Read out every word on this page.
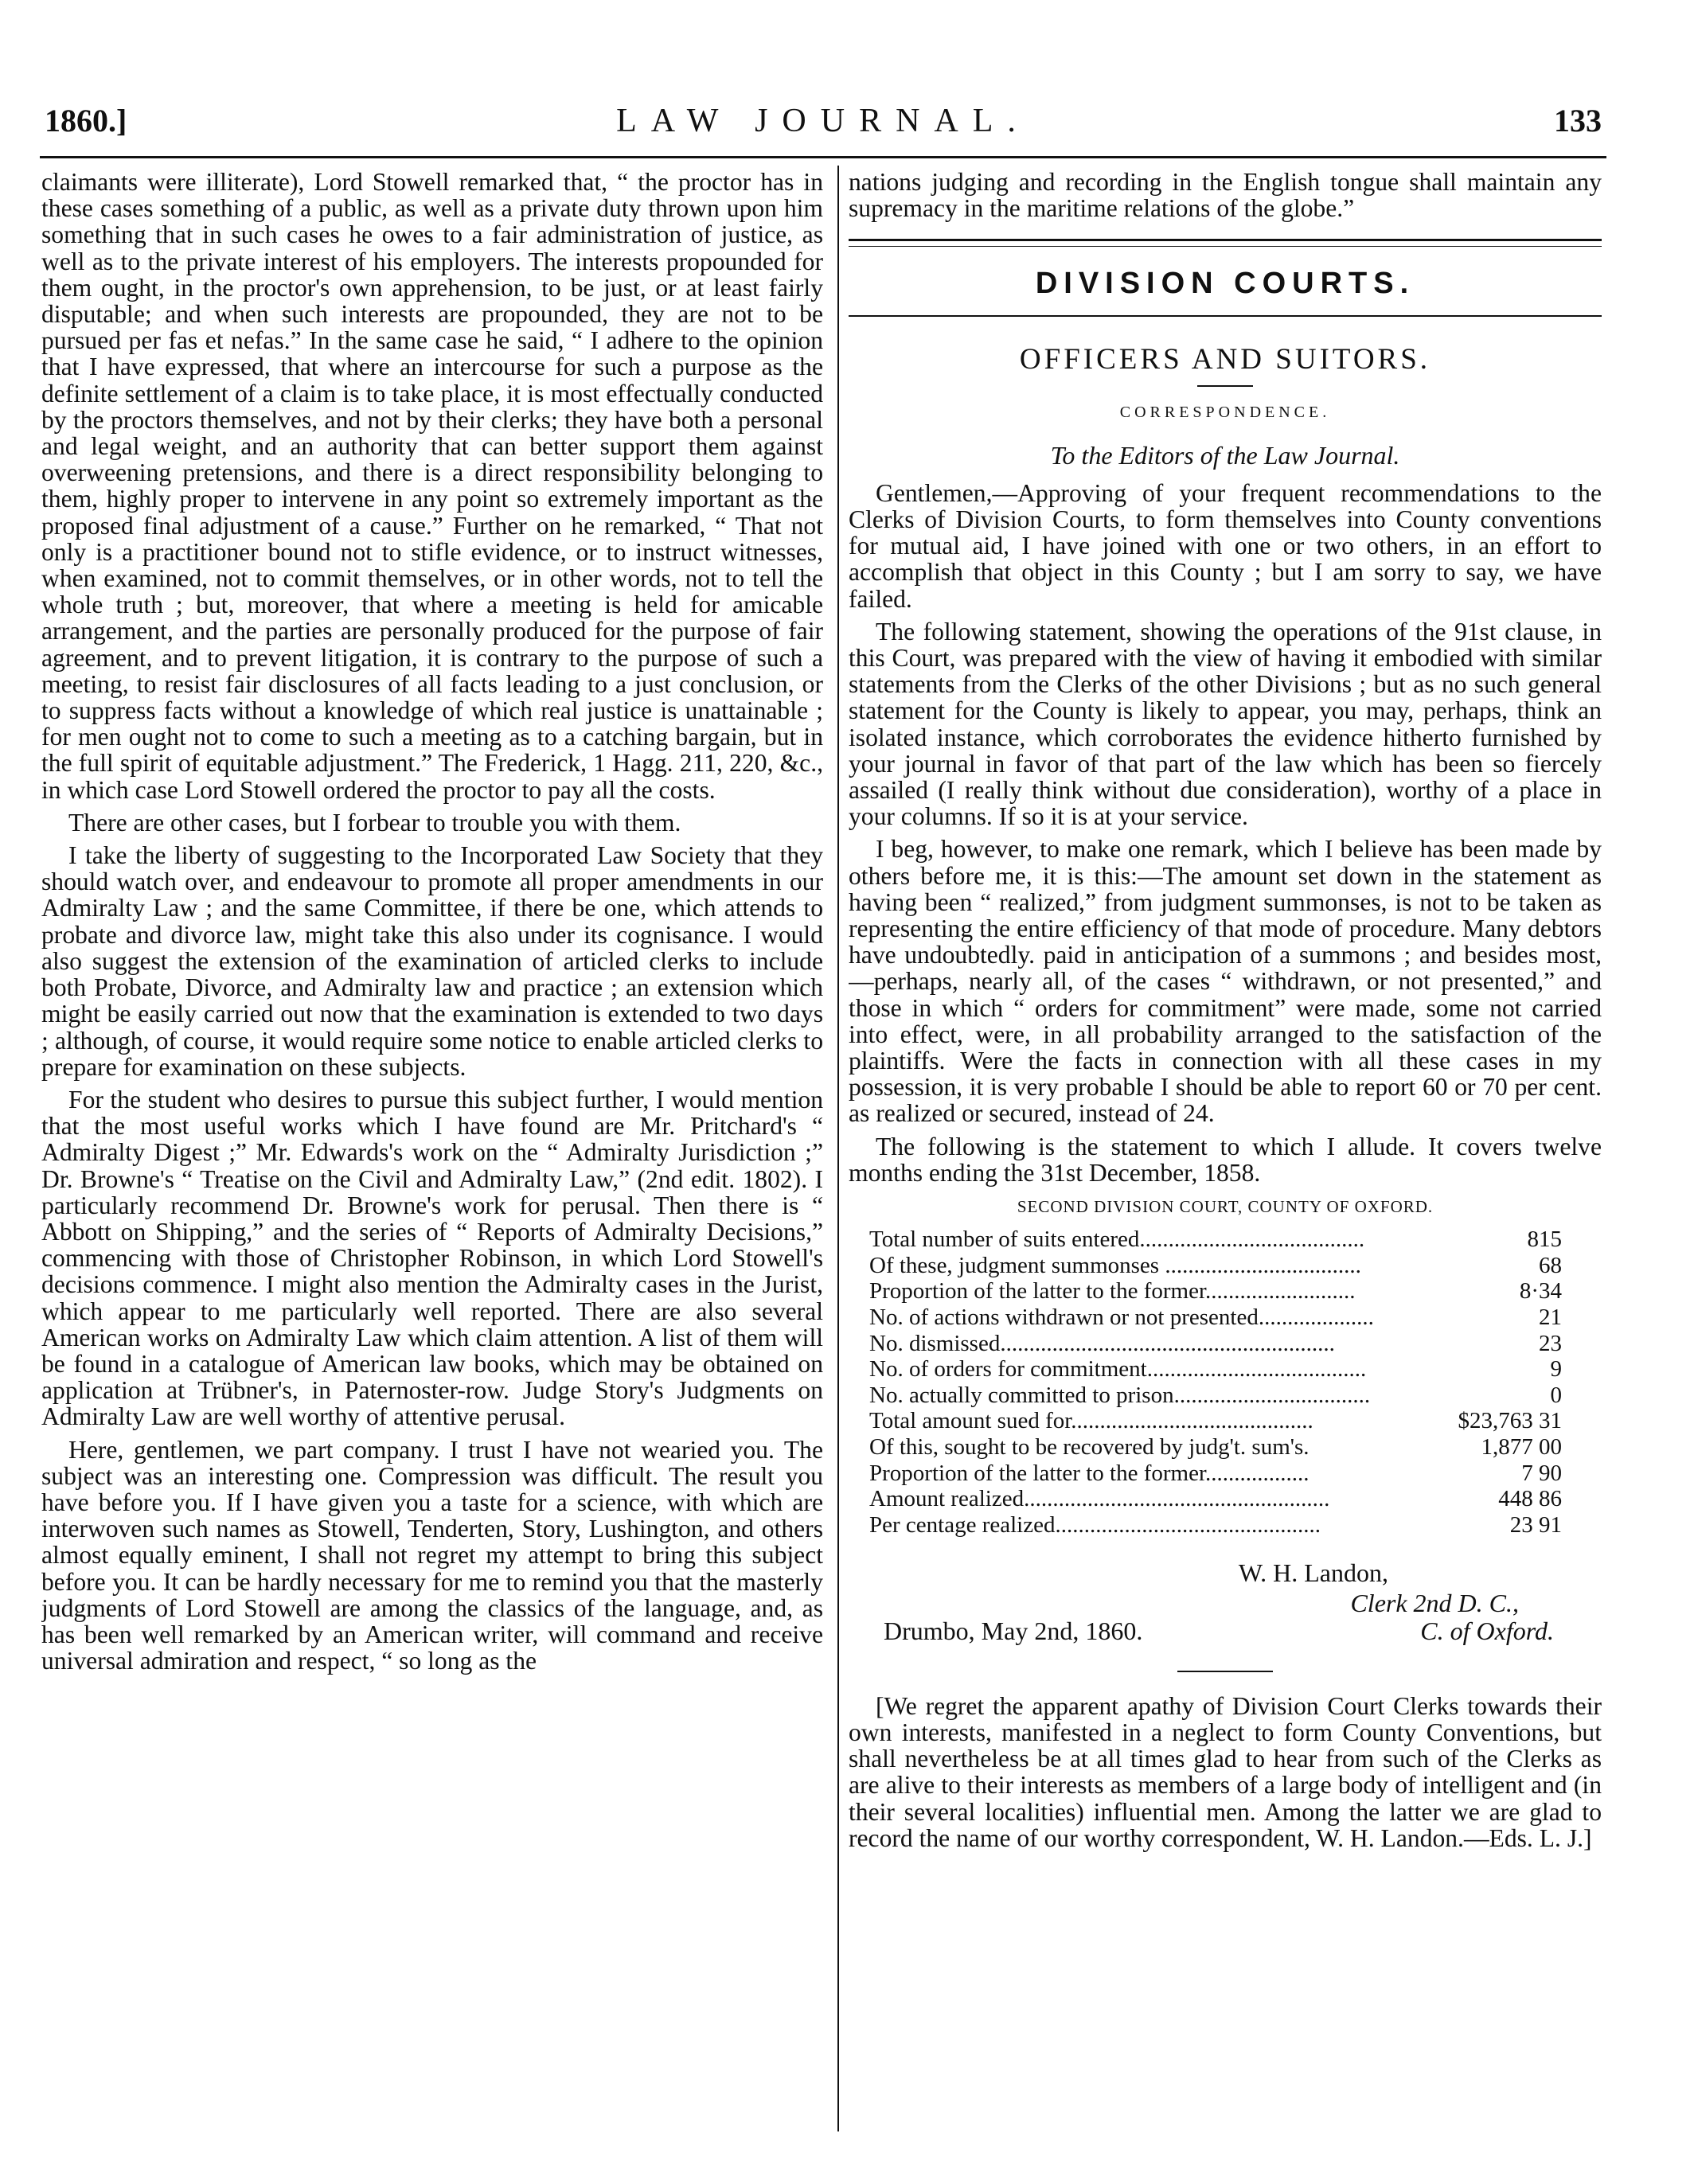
1860.]	LAW JOURNAL.	133

claimants were illiterate), Lord Stowell remarked that, “ the proctor has in these cases something of a public, as well as a private duty thrown upon him something that in such cases he owes to a fair administration of justice, as well as to the private interest of his employers. The interests propounded for them ought, in the proctor's own apprehension, to be just, or at least fairly disputable; and when such interests are propounded, they are not to be pursued per fas et nefas.” In the same case he said, “ I adhere to the opinion that I have expressed, that where an intercourse for such a purpose as the definite settlement of a claim is to take place, it is most effectually conducted by the proctors themselves, and not by their clerks; they have both a personal and legal weight, and an authority that can better support them against overweening pretensions, and there is a direct responsibility belonging to them, highly proper to intervene in any point so extremely important as the proposed final adjustment of a cause.” Further on he remarked, “ That not only is a practitioner bound not to stifle evidence, or to instruct witnesses, when examined, not to commit themselves, or in other words, not to tell the whole truth ; but, moreover, that where a meeting is held for amicable arrangement, and the parties are personally produced for the purpose of fair agreement, and to prevent litigation, it is contrary to the purpose of such a meeting, to resist fair disclosures of all facts leading to a just conclusion, or to suppress facts without a knowledge of which real justice is unattainable ; for men ought not to come to such a meeting as to a catching bargain, but in the full spirit of equitable adjustment.” The Frederick, 1 Hagg. 211, 220, &c., in which case Lord Stowell ordered the proctor to pay all the costs.

There are other cases, but I forbear to trouble you with them.

I take the liberty of suggesting to the Incorporated Law Society that they should watch over, and endeavour to promote all proper amendments in our Admiralty Law ; and the same Committee, if there be one, which attends to probate and divorce law, might take this also under its cognisance. I would also suggest the extension of the examination of articled clerks to include both Probate, Divorce, and Admiralty law and practice ; an extension which might be easily carried out now that the examination is extended to two days ; although, of course, it would require some notice to enable articled clerks to prepare for examination on these subjects.

For the student who desires to pursue this subject further, I would mention that the most useful works which I have found are Mr. Pritchard's “ Admiralty Digest ;” Mr. Edwards's work on the “ Admiralty Jurisdiction ;” Dr. Browne's “ Treatise on the Civil and Admiralty Law,” (2nd edit. 1802). I particularly recommend Dr. Browne's work for perusal. Then there is “ Abbott on Shipping,” and the series of “ Reports of Admiralty Decisions,” commencing with those of Christopher Robinson, in which Lord Stowell's decisions commence. I might also mention the Admiralty cases in the Jurist, which appear to me particularly well reported. There are also several American works on Admiralty Law which claim attention. A list of them will be found in a catalogue of American law books, which may be obtained on application at Trübner's, in Paternoster-row. Judge Story's Judgments on Admiralty Law are well worthy of attentive perusal.

Here, gentlemen, we part company. I trust I have not wearied you. The subject was an interesting one. Compression was difficult. The result you have before you. If I have given you a taste for a science, with which are interwoven such names as Stowell, Tenderten, Story, Lushington, and others almost equally eminent, I shall not regret my attempt to bring this subject before you. It can be hardly necessary for me to remind you that the masterly judgments of Lord Stowell are among the classics of the language, and, as has been well remarked by an American writer, will command and receive universal admiration and respect, “ so long as the

nations judging and recording in the English tongue shall maintain any supremacy in the maritime relations of the globe.”

DIVISION COURTS.
OFFICERS AND SUITORS.
CORRESPONDENCE.
To the Editors of the Law Journal.

Gentlemen,—Approving of your frequent recommendations to the Clerks of Division Courts, to form themselves into County conventions for mutual aid, I have joined with one or two others, in an effort to accomplish that object in this County ; but I am sorry to say, we have failed.

The following statement, showing the operations of the 91st clause, in this Court, was prepared with the view of having it embodied with similar statements from the Clerks of the other Divisions ; but as no such general statement for the County is likely to appear, you may, perhaps, think an isolated instance, which corroborates the evidence hitherto furnished by your journal in favor of that part of the law which has been so fiercely assailed (I really think without due consideration), worthy of a place in your columns. If so it is at your service.

I beg, however, to make one remark, which I believe has been made by others before me, it is this:—The amount set down in the statement as having been “ realized,” from judgment summonses, is not to be taken as representing the entire efficiency of that mode of procedure. Many debtors have undoubtedly. paid in anticipation of a summons ; and besides most,—perhaps, nearly all, of the cases “ withdrawn, or not presented,” and those in which “ orders for commitment” were made, some not carried into effect, were, in all probability arranged to the satisfaction of the plaintiffs. Were the facts in connection with all these cases in my possession, it is very probable I should be able to report 60 or 70 per cent. as realized or secured, instead of 24.

The following is the statement to which I allude. It covers twelve months ending the 31st December, 1858.

SECOND DIVISION COURT, COUNTY OF OXFORD.
Total number of suits entered.......................................	815
Of these, judgment summonses ..................................	68
Proportion of the latter to the former..........................	8·34
No. of actions withdrawn or not presented....................	21
No. dismissed..........................................................	23
No. of orders for commitment......................................	9
No. actually committed to prison..................................	0
Total amount sued for..........................................	$23,763 31
Of this, sought to be recovered by judg't. sum's.	1,877 00
Proportion of the latter to the former..................	7 90
Amount realized.....................................................	448 86
Per centage realized..............................................	23 91
W. H. Landon,
Clerk 2nd D. C.,
Drumbo, May 2nd, 1860.	C. of Oxford.

[We regret the apparent apathy of Division Court Clerks towards their own interests, manifested in a neglect to form County Conventions, but shall nevertheless be at all times glad to hear from such of the Clerks as are alive to their interests as members of a large body of intelligent and (in their several localities) influential men. Among the latter we are glad to record the name of our worthy correspondent, W. H. Landon.—Eds. L. J.]
